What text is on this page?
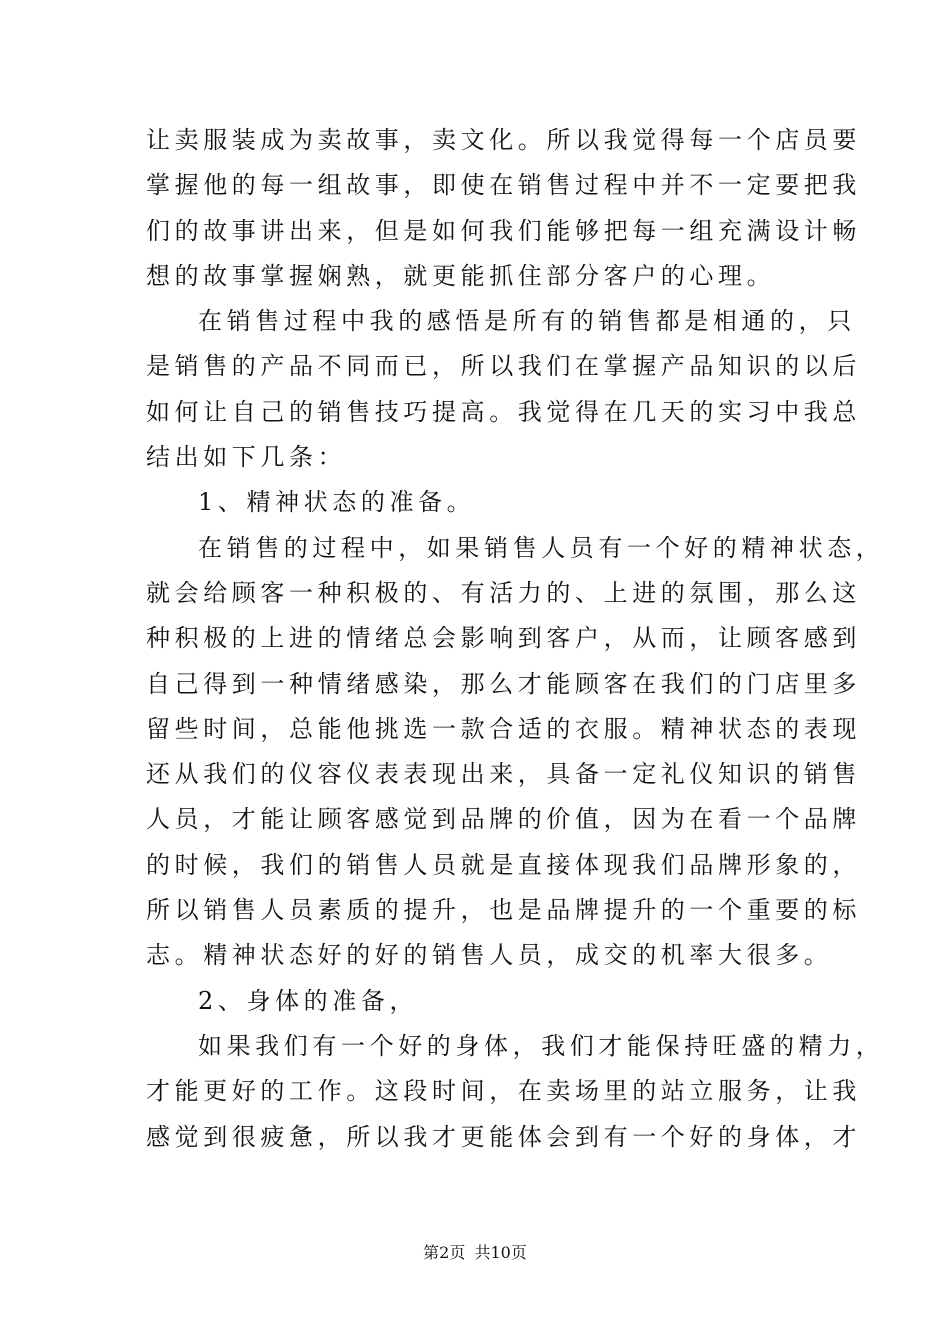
让卖服装成为卖故事，卖文化。所以我觉得每一个店员要
掌握他的每一组故事，即使在销售过程中并不一定要把我
们的故事讲出来，但是如何我们能够把每一组充满设计畅
想的故事掌握娴熟，就更能抓住部分客户的心理。
在销售过程中我的感悟是所有的销售都是相通的，只
是销售的产品不同而已，所以我们在掌握产品知识的以后
如何让自己的销售技巧提高。我觉得在几天的实习中我总
结出如下几条：
1、精神状态的准备。
在销售的过程中，如果销售人员有一个好的精神状态，
就会给顾客一种积极的、有活力的、上进的氛围，那么这
种积极的上进的情绪总会影响到客户，从而，让顾客感到
自己得到一种情绪感染，那么才能顾客在我们的门店里多
留些时间，总能他挑选一款合适的衣服。精神状态的表现
还从我们的仪容仪表表现出来，具备一定礼仪知识的销售
人员，才能让顾客感觉到品牌的价值，因为在看一个品牌
的时候，我们的销售人员就是直接体现我们品牌形象的，
所以销售人员素质的提升，也是品牌提升的一个重要的标
志。精神状态好的好的销售人员，成交的机率大很多。
2、身体的准备，
如果我们有一个好的身体，我们才能保持旺盛的精力，
才能更好的工作。这段时间，在卖场里的站立服务，让我
感觉到很疲惫，所以我才更能体会到有一个好的身体，才
第2页 共10页
